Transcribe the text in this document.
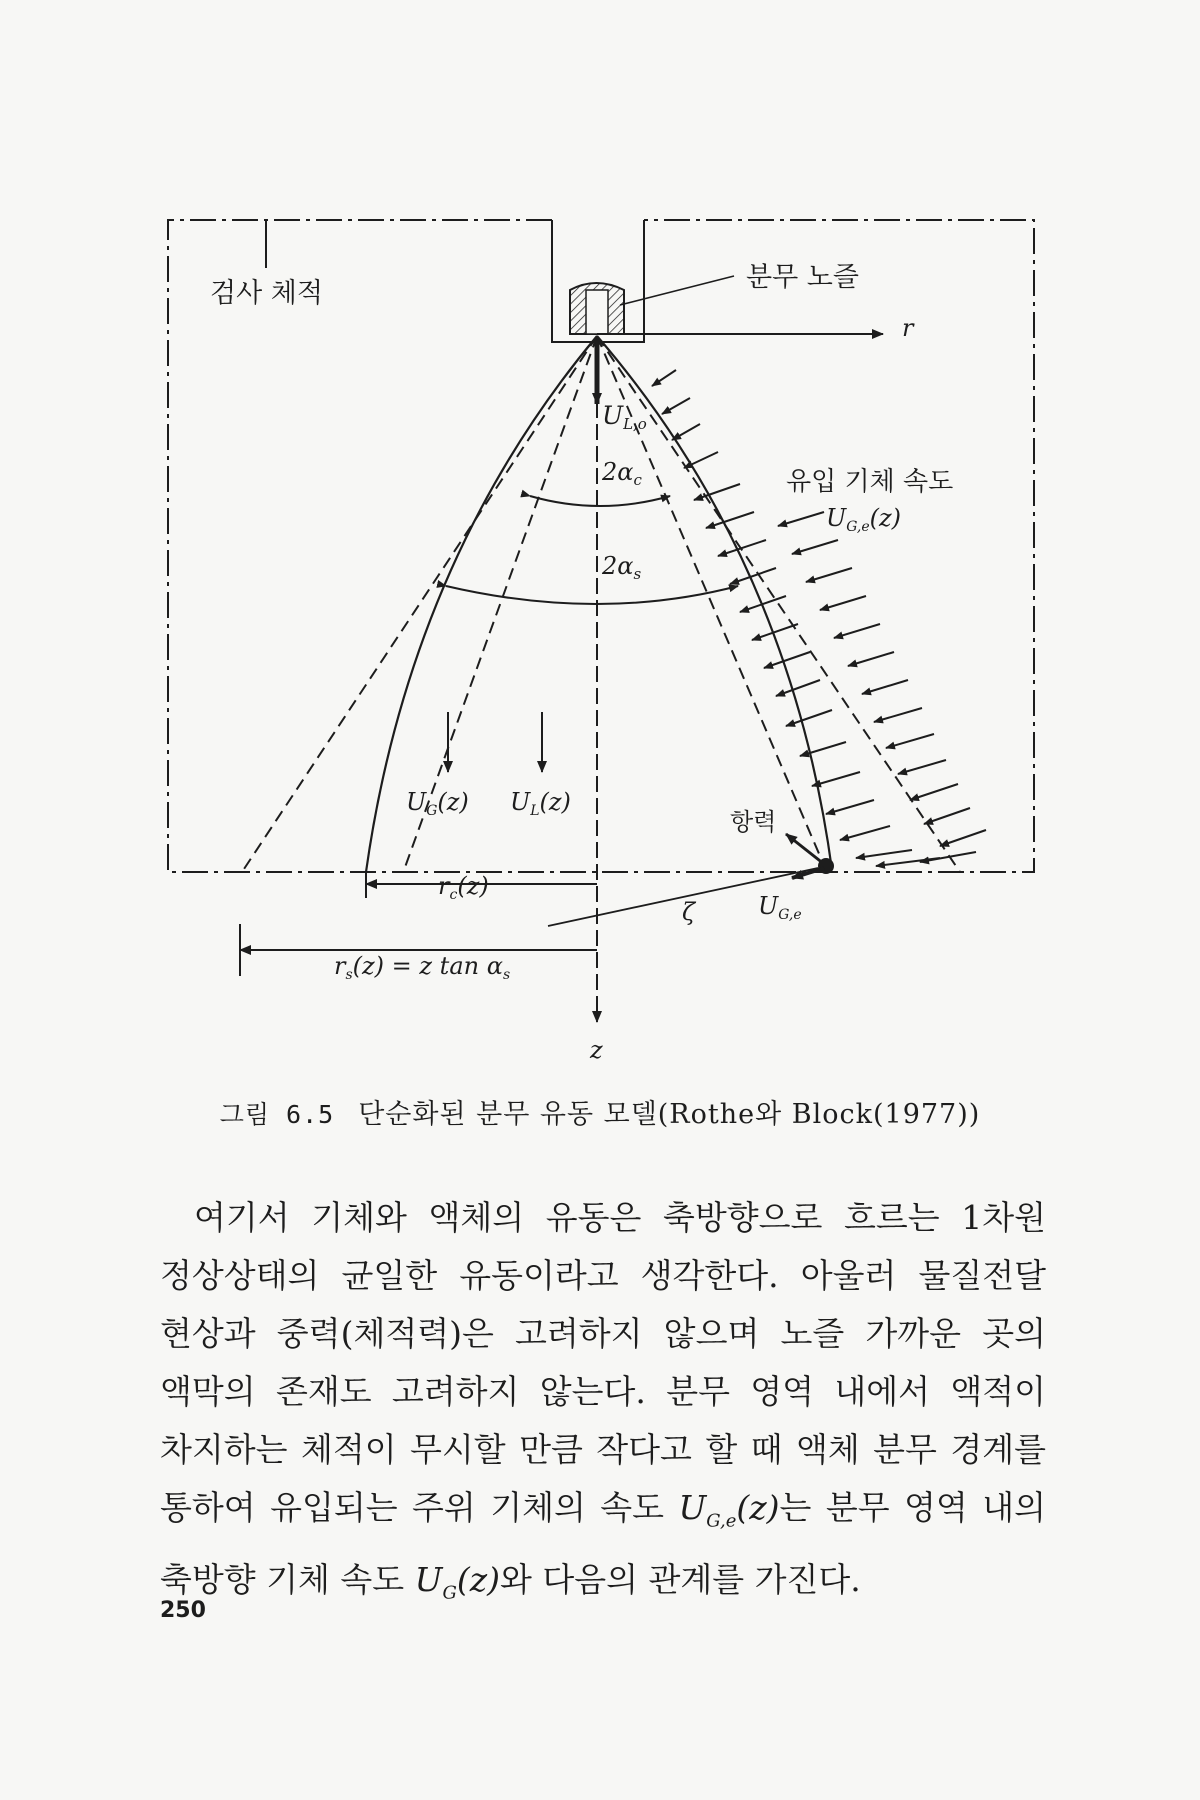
검사 체적
분무 노즐
r
z
$U_{L,o}$
$2\alpha_c$
$2\alpha_s$
유입 기체 속도
$U_{G,e}(z)$
$U_G(z)$ $U_L(z)$
항력
$r_c(z)$
ζ	$U_{G,e}$
$r_s(z) = z$ $\tan \alpha_s$
그림 6.5 단순화된 분무 유동 모델(Rothe와 Block(1977))

여기서 기체와 액체의 유동은 축방향으로 흐르는 1차원 정상상태의 균일한 유동이라고 생각한다. 아울러 물질전달 현상과 중력(체적력)은 고려하지 않으며 노즐 가까운 곳의 액막의 존재도 고려하지 않는다. 분무 영역 내에서 액적이 차지하는 체적이 무시할 만큼 작다고 할 때 액체 분무 경계를 통하여 유입되는 주위 기체의 속도 $U_{G,e}(z)$는 분무 영역 내의 축방향 기체 속도 $U_G(z)$와 다음의 관계를 가진다.

250
